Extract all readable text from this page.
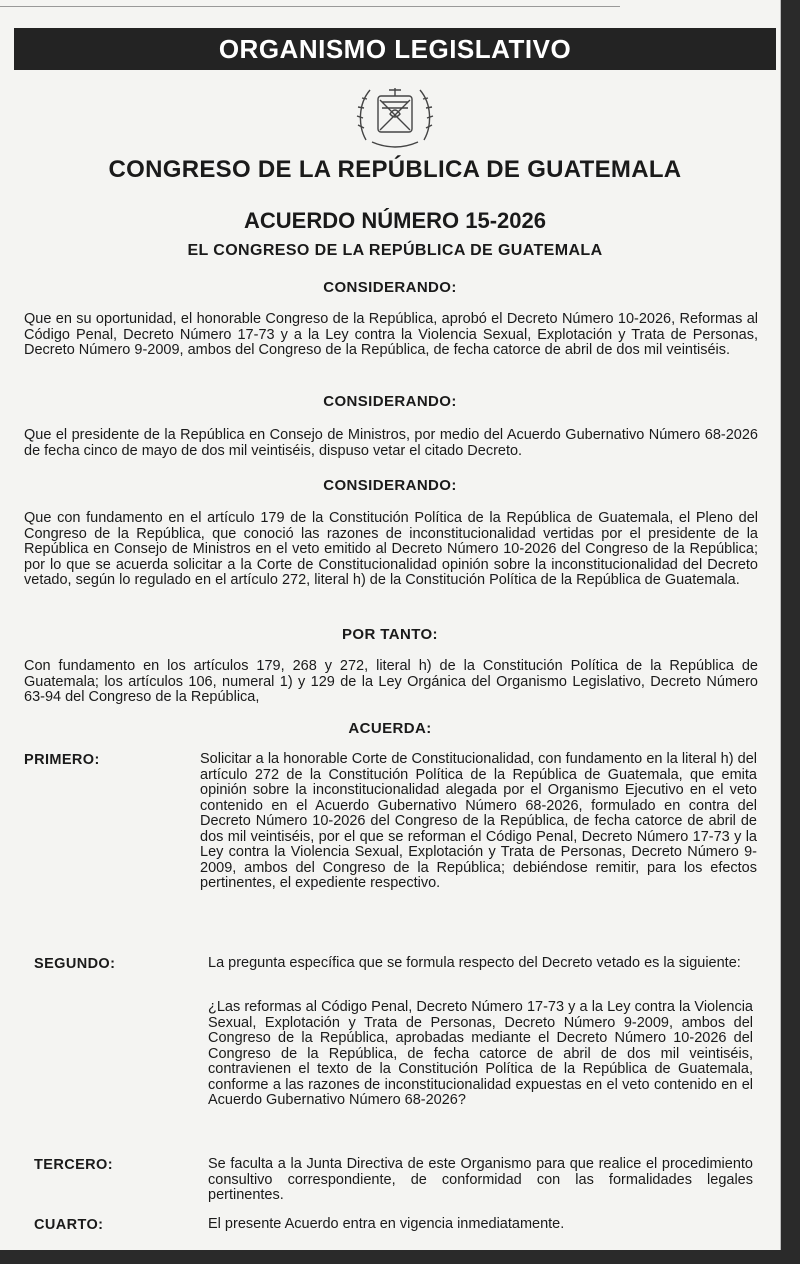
ORGANISMO LEGISLATIVO
CONGRESO DE LA REPÚBLICA DE GUATEMALA
ACUERDO NÚMERO 15-2026
EL CONGRESO DE LA REPÚBLICA DE GUATEMALA
CONSIDERANDO:
Que en su oportunidad, el honorable Congreso de la República, aprobó el Decreto Número 10-2026, Reformas al Código Penal, Decreto Número 17-73 y a la Ley contra la Violencia Sexual, Explotación y Trata de Personas, Decreto Número 9-2009, ambos del Congreso de la República, de fecha catorce de abril de dos mil veintiséis.
CONSIDERANDO:
Que el presidente de la República en Consejo de Ministros, por medio del Acuerdo Gubernativo Número 68-2026 de fecha cinco de mayo de dos mil veintiséis, dispuso vetar el citado Decreto.
CONSIDERANDO:
Que con fundamento en el artículo 179 de la Constitución Política de la República de Guatemala, el Pleno del Congreso de la República, que conoció las razones de inconstitucionalidad vertidas por el presidente de la República en Consejo de Ministros en el veto emitido al Decreto Número 10-2026 del Congreso de la República; por lo que se acuerda solicitar a la Corte de Constitucionalidad opinión sobre la inconstitucionalidad del Decreto vetado, según lo regulado en el artículo 272, literal h) de la Constitución Política de la República de Guatemala.
POR TANTO:
Con fundamento en los artículos 179, 268 y 272, literal h) de la Constitución Política de la República de Guatemala; los artículos 106, numeral 1) y 129 de la Ley Orgánica del Organismo Legislativo, Decreto Número 63-94 del Congreso de la República,
ACUERDA:
PRIMERO:	Solicitar a la honorable Corte de Constitucionalidad, con fundamento en la literal h) del artículo 272 de la Constitución Política de la República de Guatemala, que emita opinión sobre la inconstitucionalidad alegada por el Organismo Ejecutivo en el veto contenido en el Acuerdo Gubernativo Número 68-2026, formulado en contra del Decreto Número 10-2026 del Congreso de la República, de fecha catorce de abril de dos mil veintiséis, por el que se reforman el Código Penal, Decreto Número 17-73 y la Ley contra la Violencia Sexual, Explotación y Trata de Personas, Decreto Número 9-2009, ambos del Congreso de la República; debiéndose remitir, para los efectos pertinentes, el expediente respectivo.
SEGUNDO:	La pregunta específica que se formula respecto del Decreto vetado es la siguiente:
¿Las reformas al Código Penal, Decreto Número 17-73 y a la Ley contra la Violencia Sexual, Explotación y Trata de Personas, Decreto Número 9-2009, ambos del Congreso de la República, aprobadas mediante el Decreto Número 10-2026 del Congreso de la República, de fecha catorce de abril de dos mil veintiséis, contravienen el texto de la Constitución Política de la República de Guatemala, conforme a las razones de inconstitucionalidad expuestas en el veto contenido en el Acuerdo Gubernativo Número 68-2026?
TERCERO:	Se faculta a la Junta Directiva de este Organismo para que realice el procedimiento consultivo correspondiente, de conformidad con las formalidades legales pertinentes.
CUARTO:	El presente Acuerdo entra en vigencia inmediatamente.
